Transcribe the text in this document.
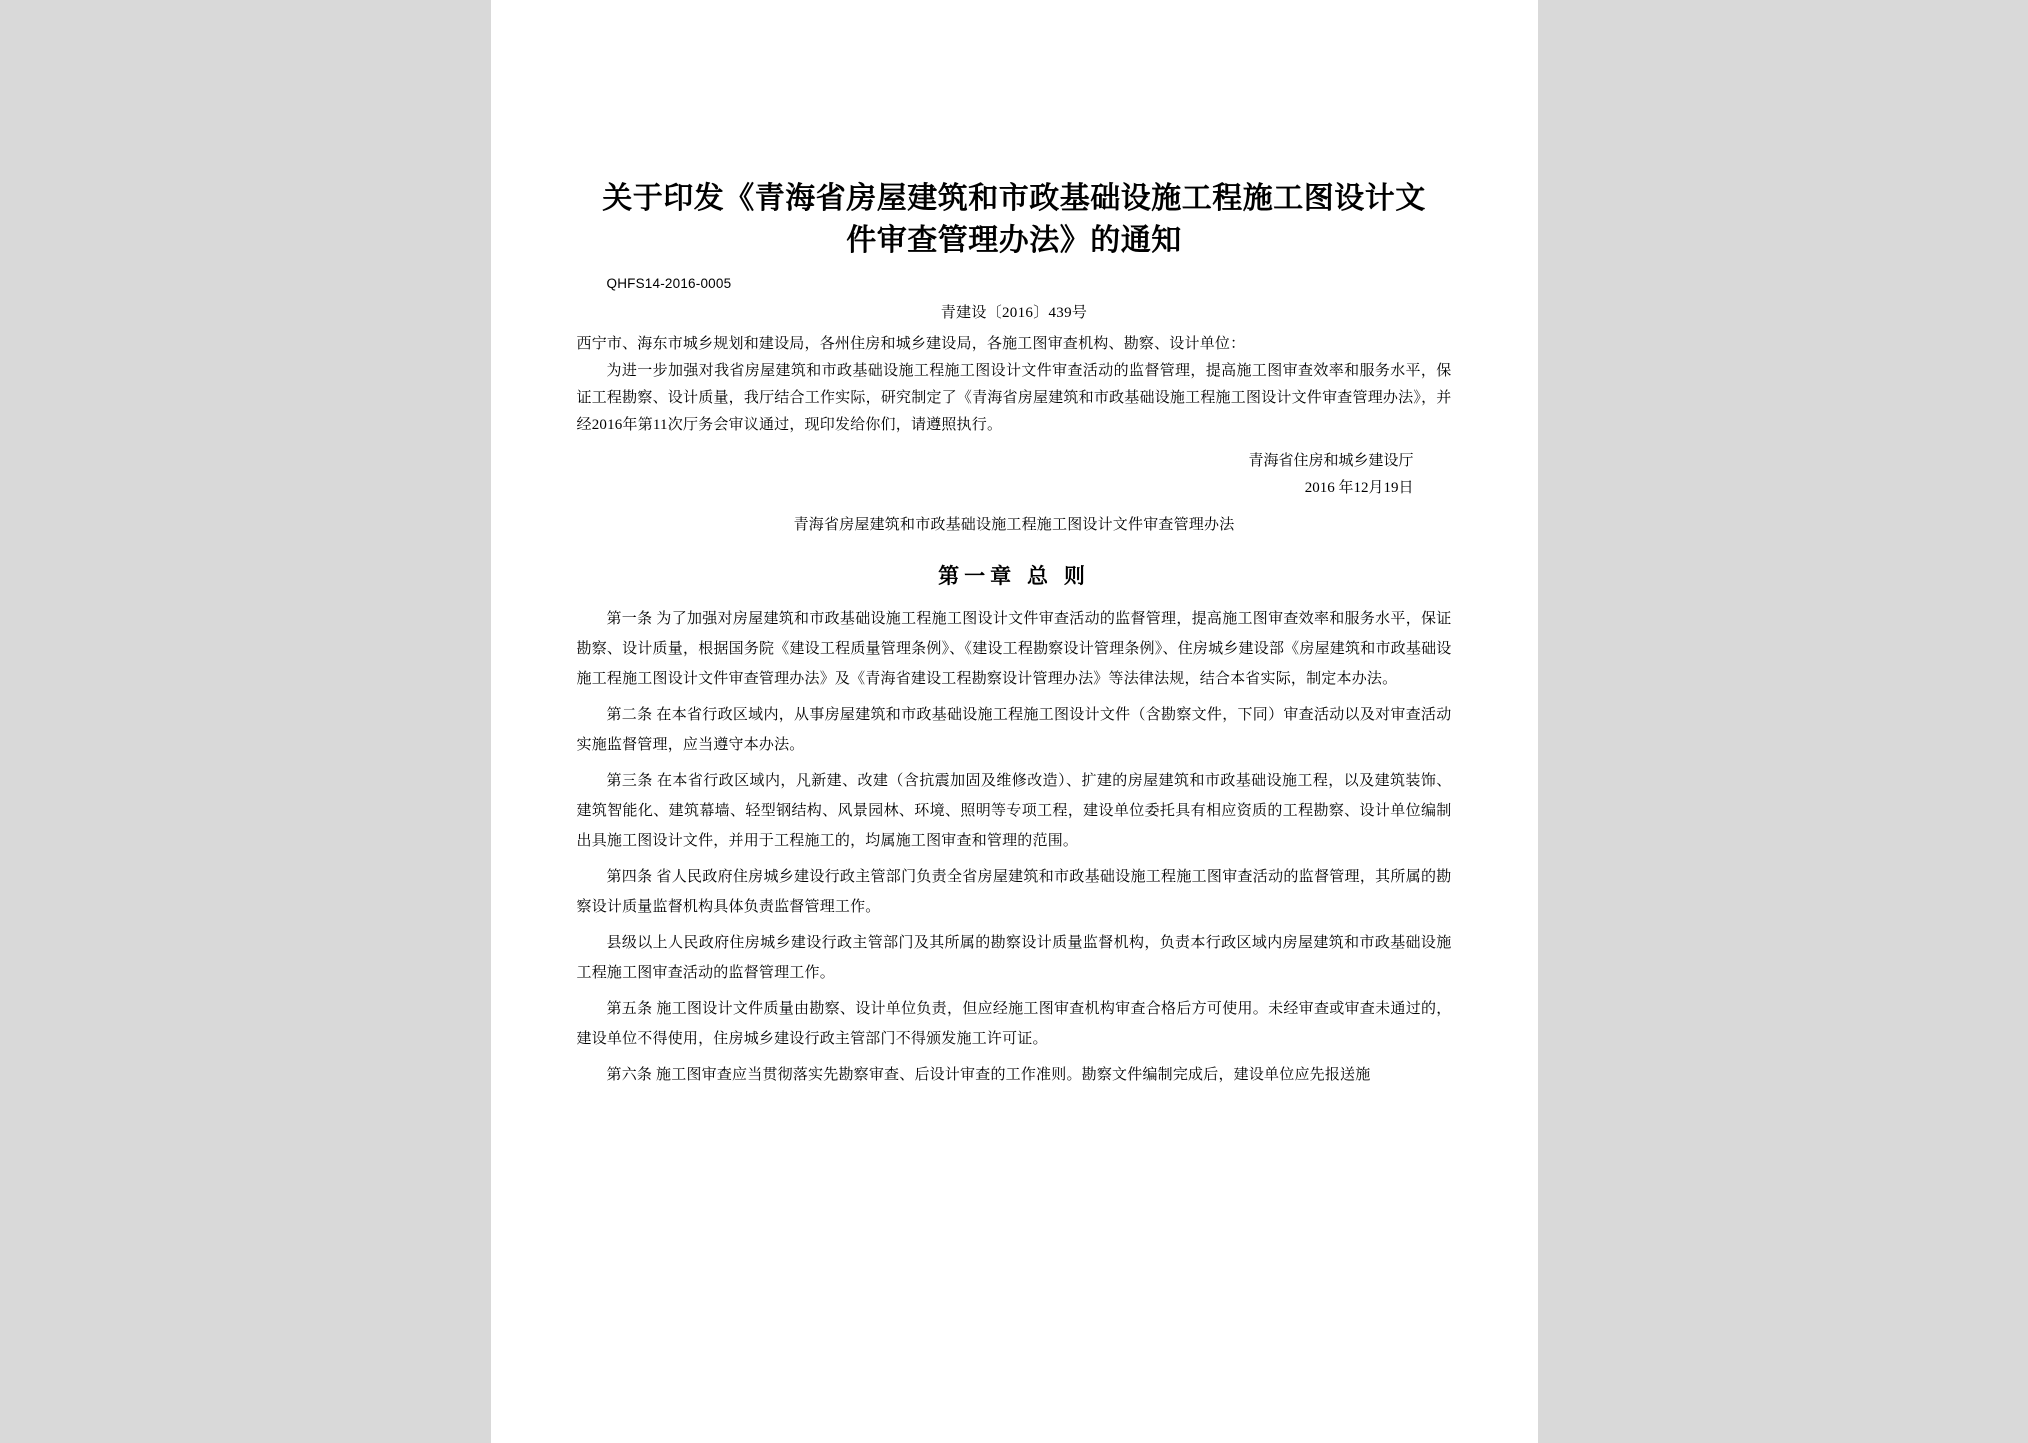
关于印发《青海省房屋建筑和市政基础设施工程施工图设计文件审查管理办法》的通知
QHFS14-2016-0005
青建设〔2016〕439号

西宁市、海东市城乡规划和建设局，各州住房和城乡建设局，各施工图审查机构、勘察、设计单位：

为进一步加强对我省房屋建筑和市政基础设施工程施工图设计文件审查活动的监督管理，提高施工图审查效率和服务水平，保证工程勘察、设计质量，我厅结合工作实际，研究制定了《青海省房屋建筑和市政基础设施工程施工图设计文件审查管理办法》，并经2016年第11次厅务会审议通过，现印发给你们，请遵照执行。

青海省住房和城乡建设厅
2016 年12月19日
青海省房屋建筑和市政基础设施工程施工图设计文件审查管理办法
第一章 总 则

第一条 为了加强对房屋建筑和市政基础设施工程施工图设计文件审查活动的监督管理，提高施工图审查效率和服务水平，保证勘察、设计质量，根据国务院《建设工程质量管理条例》、《建设工程勘察设计管理条例》、住房城乡建设部《房屋建筑和市政基础设施工程施工图设计文件审查管理办法》及《青海省建设工程勘察设计管理办法》等法律法规，结合本省实际，制定本办法。

第二条 在本省行政区域内，从事房屋建筑和市政基础设施工程施工图设计文件（含勘察文件，下同）审查活动以及对审查活动实施监督管理，应当遵守本办法。

第三条 在本省行政区域内，凡新建、改建（含抗震加固及维修改造）、扩建的房屋建筑和市政基础设施工程，以及建筑装饰、建筑智能化、建筑幕墙、轻型钢结构、风景园林、环境、照明等专项工程，建设单位委托具有相应资质的工程勘察、设计单位编制出具施工图设计文件，并用于工程施工的，均属施工图审查和管理的范围。

第四条 省人民政府住房城乡建设行政主管部门负责全省房屋建筑和市政基础设施工程施工图审查活动的监督管理，其所属的勘察设计质量监督机构具体负责监督管理工作。

县级以上人民政府住房城乡建设行政主管部门及其所属的勘察设计质量监督机构，负责本行政区域内房屋建筑和市政基础设施工程施工图审查活动的监督管理工作。

第五条 施工图设计文件质量由勘察、设计单位负责，但应经施工图审查机构审查合格后方可使用。未经审查或审查未通过的，建设单位不得使用，住房城乡建设行政主管部门不得颁发施工许可证。

第六条 施工图审查应当贯彻落实先勘察审查、后设计审查的工作准则。勘察文件编制完成后，建设单位应先报送施
